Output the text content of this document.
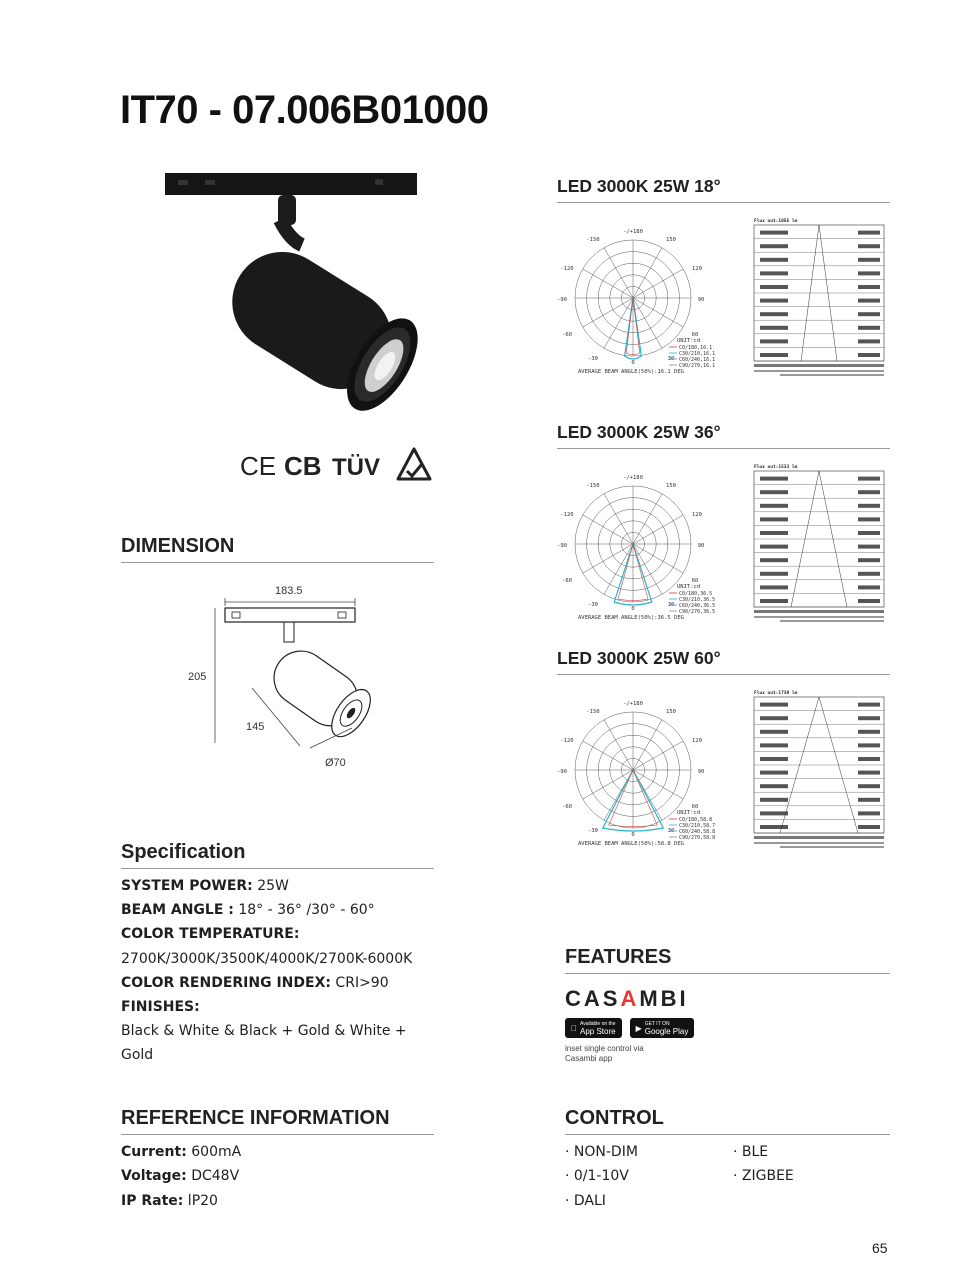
IT70 - 07.006B01000
CE CB TÜV
DIMENSION
183.5
205
145
Ø70
Specification
SYSTEM POWER: 25W
BEAM ANGLE : 18° - 36° /30° - 60°
COLOR TEMPERATURE:
2700K/3000K/3500K/4000K/2700K-6000K
COLOR RENDERING INDEX: CRI>90
FINISHES:
Black & White & Black + Gold & White + Gold
REFERENCE INFORMATION
Current: 600mA
Voltage: DC48V
IP Rate: lP20
LED 3000K 25W 18°
-/+180
-150	150
-120	120
-90	90
-60	60
-30	30
0
UNIT:cd
C0/180,16.1
C30/210,16.1
C60/240,16.1
C90/270,16.1
AVERAGE BEAM ANGLE(50%):16.1 DEG
Flux out:1055 lm
LED 3000K 25W 36°
-/+180
-150	150
-120	120
-90	90
-60	60
-30	30
0
UNIT:cd
C0/180,36.5
C30/210,36.5
C60/240,36.5
C90/270,36.5
AVERAGE BEAM ANGLE(50%):36.5 DEG
Flux out:1533 lm
LED 3000K 25W 60°
-/+180
-150	150
-120	120
-90	90
-60	60
-30	30
0
UNIT:cd
C0/180,58.8
C30/210,58.7
C60/240,58.8
C90/270,58.8
AVERAGE BEAM ANGLE(50%):58.8 DEG
Flux out:1730 lm
FEATURES
CASAMBI
Available on the
App Store	▶ GET IT ON
Google Play
inset single control via Casambi app
CONTROL
· NON-DIM
· 0/1-10V
· DALI
· BLE
· ZIGBEE
65
